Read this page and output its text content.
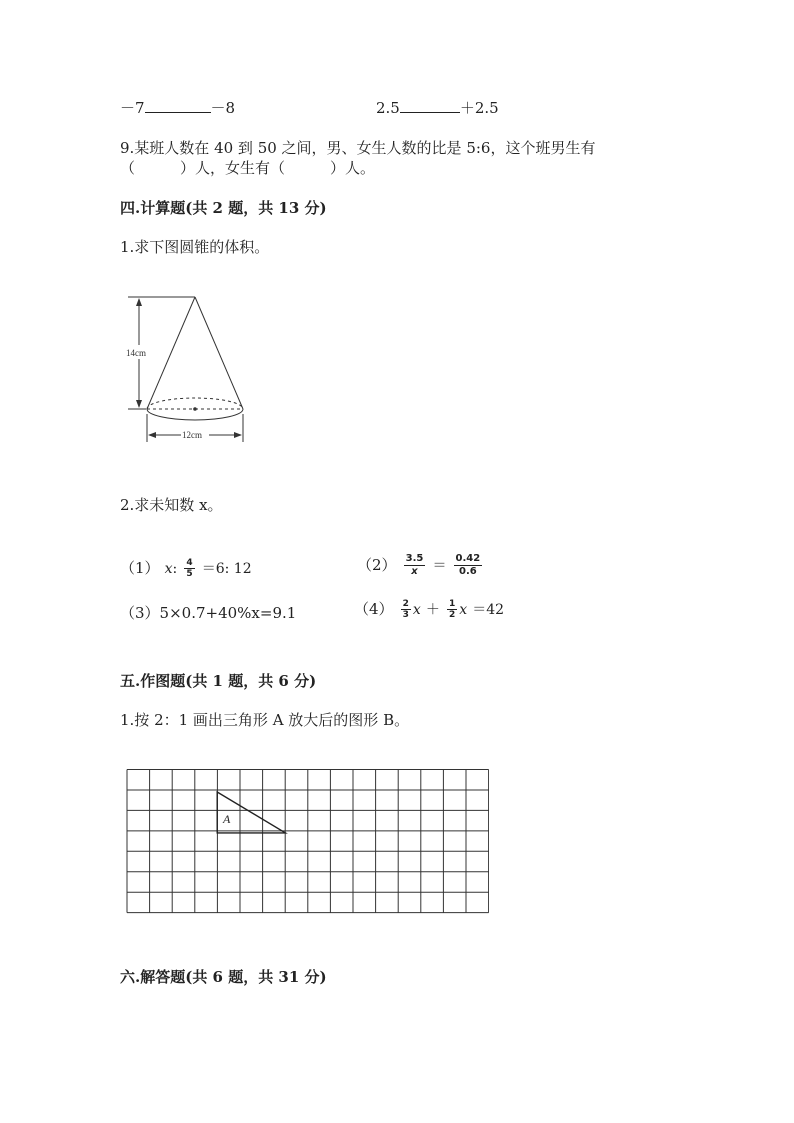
－7	－8	2.5	＋2.5
9.某班人数在 40 到 50 之间，男、女生人数的比是 5:6，这个班男生有
（　　　）人，女生有（　　　）人。
四.计算题(共 2 题，共 13 分)
1.求下图圆锥的体积。
14cm
12cm
2.求未知数 x。
（1） x: $\frac{4}{5} =6$: 12	$(2) \frac{3.5}{x} = \frac{0.42}{0.6}$
（3）5×0.7+40%x=9.1	$(4) \frac{2}{3}$ $x + \frac{1}{2}$ x ＝42
五.作图题(共 1 题，共 6 分)
1.按 2：1 画出三角形 A 放大后的图形 B。
A
六.解答题(共 6 题，共 31 分)
